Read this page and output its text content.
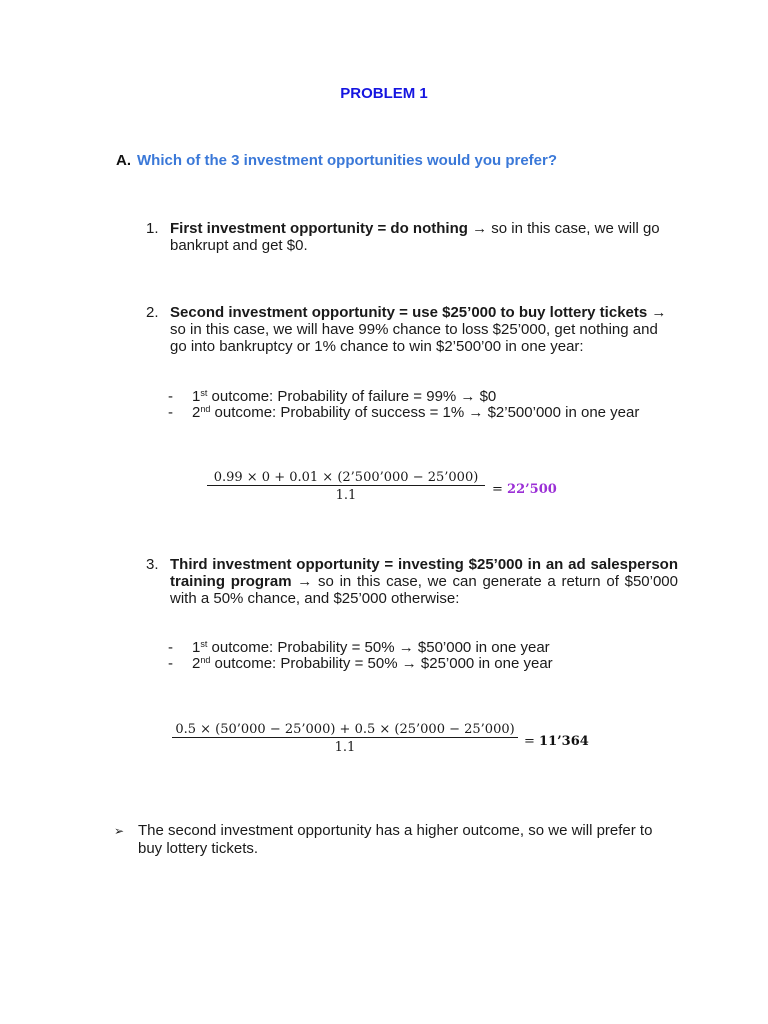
PROBLEM 1
A. Which of the 3 investment opportunities would you prefer?
1. First investment opportunity = do nothing → so in this case, we will go bankrupt and get $0.
2. Second investment opportunity = use $25’000 to buy lottery tickets → so in this case, we will have 99% chance to loss $25’000, get nothing and go into bankruptcy or 1% chance to win $2’500’00 in one year:
- 1st outcome: Probability of failure = 99% → $0
- 2nd outcome: Probability of success = 1% → $2’500’000 in one year
0.99 × 0 + 0.01 × (2’500’000 − 25’000)
1.1	= 22’500
3. Third investment opportunity = investing $25’000 in an ad salesperson training program → so in this case, we can generate a return of $50’000 with a 50% chance, and $25’000 otherwise:
- 1st outcome: Probability = 50% → $50’000 in one year
- 2nd outcome: Probability = 50% → $25’000 in one year
0.5 × (50’000 − 25’000) + 0.5 × (25’000 − 25’000)
1.1	= 11’364
➢ The second investment opportunity has a higher outcome, so we will prefer to buy lottery tickets.
